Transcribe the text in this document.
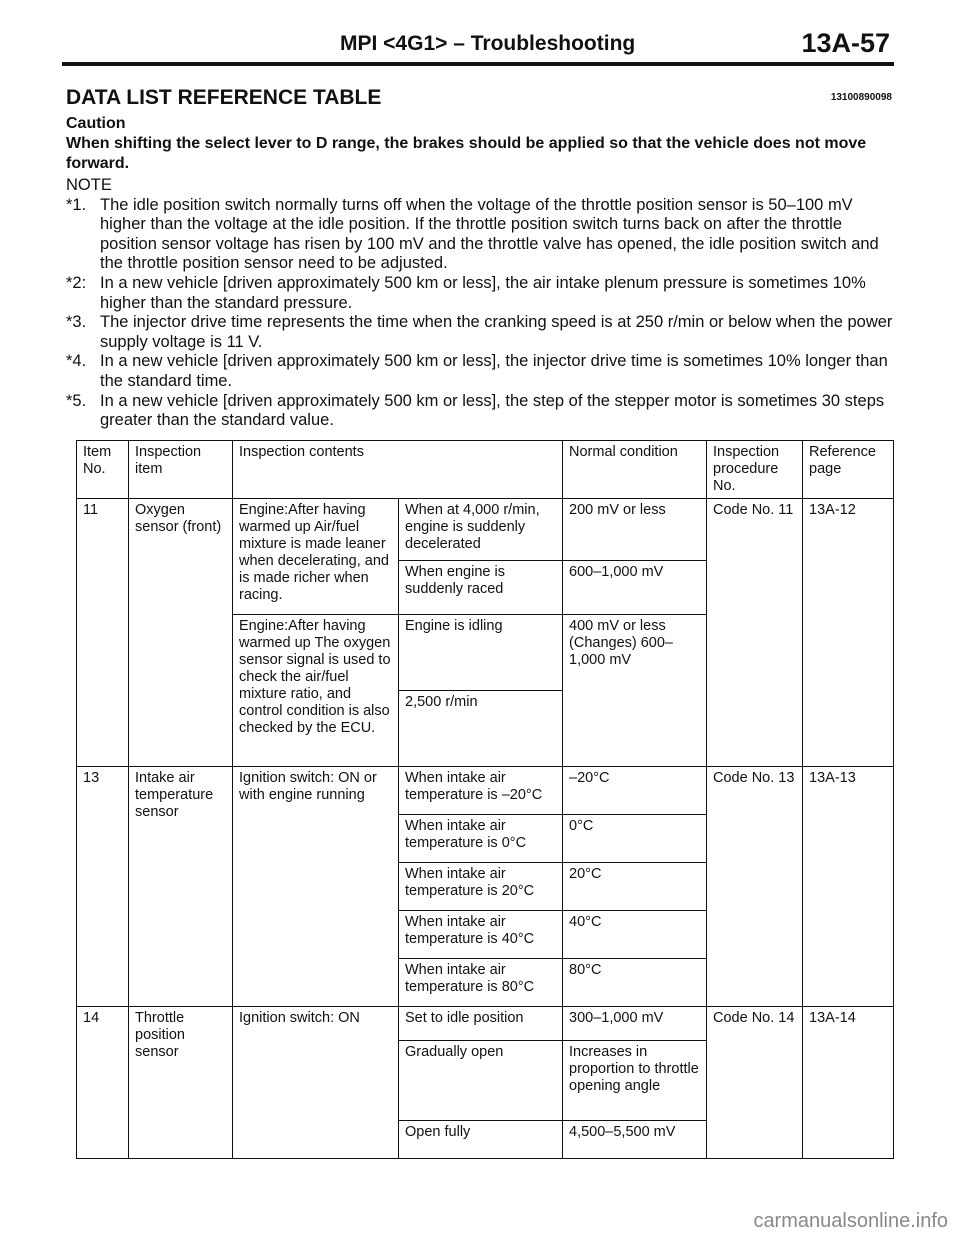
MPI <4G1> – Troubleshooting	13A-57
DATA LIST REFERENCE TABLE	13100890098
Caution
When shifting the select lever to D range, the brakes should be applied so that the vehicle does not move forward.
NOTE
*1. The idle position switch normally turns off when the voltage of the throttle position sensor is 50–100 mV higher than the voltage at the idle position. If the throttle position switch turns back on after the throttle position sensor voltage has risen by 100 mV and the throttle valve has opened, the idle position switch and the throttle position sensor need to be adjusted.
*2: In a new vehicle [driven approximately 500 km or less], the air intake plenum pressure is sometimes 10% higher than the standard pressure.
*3. The injector drive time represents the time when the cranking speed is at 250 r/min or below when the power supply voltage is 11 V.
*4. In a new vehicle [driven approximately 500 km or less], the injector drive time is sometimes 10% longer than the standard time.
*5. In a new vehicle [driven approximately 500 km or less], the step of the stepper motor is sometimes 30 steps greater than the standard value.
Item No.	Inspection item	Inspection contents		Normal condition	Inspection procedure No.	Reference page
11	Oxygen sensor (front)	Engine:After having warmed up Air/fuel mixture is made leaner when decelerating, and is made richer when racing.	When at 4,000 r/min, engine is suddenly decelerated	200 mV or less	Code No. 11	13A-12
			When engine is suddenly raced	600–1,000 mV		
		Engine:After having warmed up The oxygen sensor signal is used to check the air/fuel mixture ratio, and control condition is also checked by the ECU.	Engine is idling	400 mV or less (Changes) 600–1,000 mV		
			2,500 r/min			
13	Intake air temperature sensor	Ignition switch: ON or with engine running	When intake air temperature is –20°C	–20°C	Code No. 13	13A-13
			When intake air temperature is 0°C	0°C		
			When intake air temperature is 20°C	20°C		
			When intake air temperature is 40°C	40°C		
			When intake air temperature is 80°C	80°C		
14	Throttle position sensor	Ignition switch: ON	Set to idle position	300–1,000 mV	Code No. 14	13A-14
			Gradually open	Increases in proportion to throttle opening angle		
			Open fully	4,500–5,500 mV		
carmanualsonline.info
